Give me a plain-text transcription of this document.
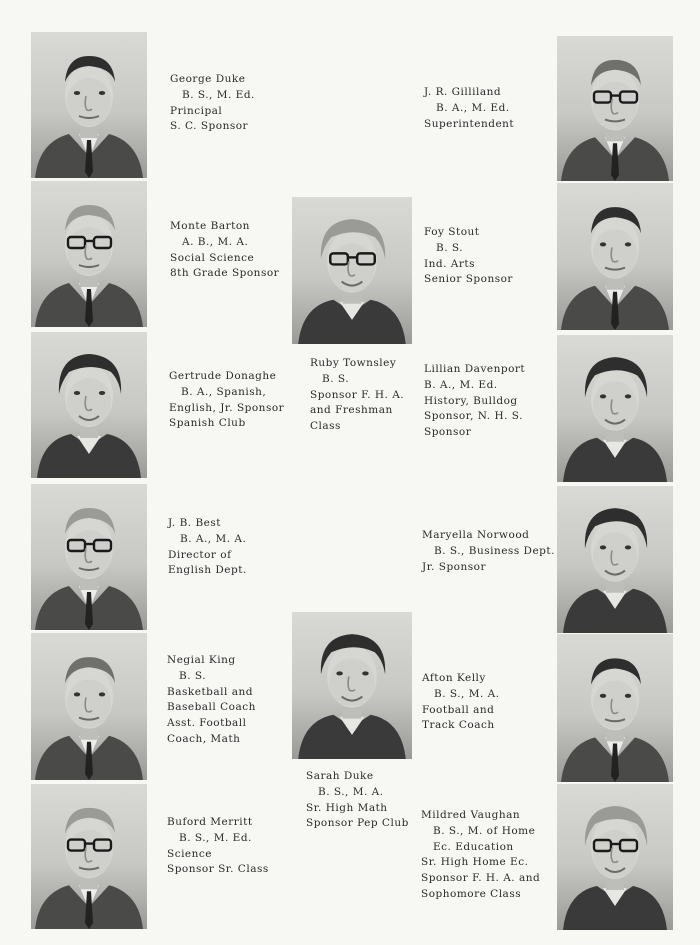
George Duke
B. S., M. Ed.
Principal
S. C. Sponsor
J. R. Gilliland
B. A., M. Ed.
Superintendent
Monte Barton
A. B., M. A.
Social Science
8th Grade Sponsor
Ruby Townsley
B. S.
Sponsor F. H. A.
and Freshman
Class
Foy Stout
B. S.
Ind. Arts
Senior Sponsor
Gertrude Donaghe
B. A., Spanish,
English, Jr. Sponsor
Spanish Club
Lillian Davenport
B. A., M. Ed.
History, Bulldog
Sponsor, N. H. S.
Sponsor
J. B. Best
B. A., M. A.
Director of
English Dept.
Maryella Norwood
B. S., Business Dept.
Jr. Sponsor
Negial King
B. S.
Basketball and
Baseball Coach
Asst. Football
Coach, Math
Sarah Duke
B. S., M. A.
Sr. High Math
Sponsor Pep Club
Afton Kelly
B. S., M. A.
Football and
Track Coach
Buford Merritt
B. S., M. Ed.
Science
Sponsor Sr. Class
Mildred Vaughan
B. S., M. of Home
Ec. Education
Sr. High Home Ec.
Sponsor F. H. A. and
Sophomore Class
